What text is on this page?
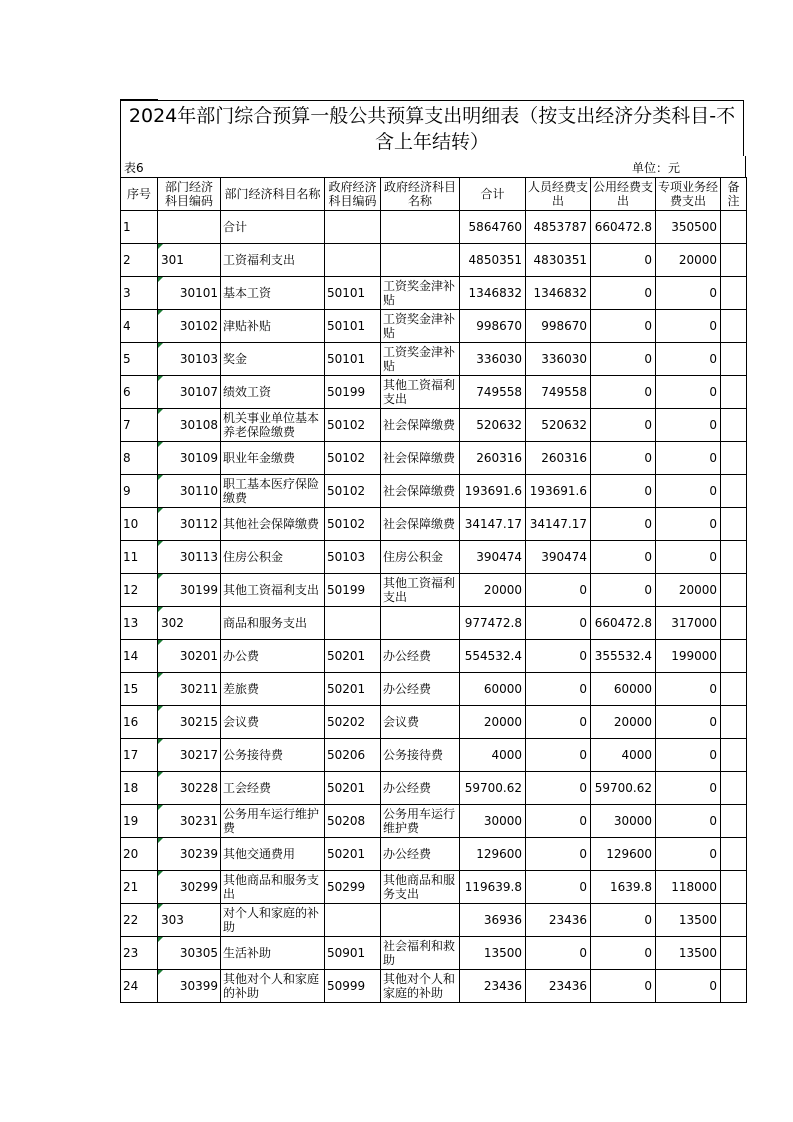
2024年部门综合预算一般公共预算支出明细表（按支出经济分类科目-不含上年结转）
表6	单位：元
序号	部门经济科目编码	部门经济科目名称	政府经济科目编码	政府经济科目名称	合计	人员经费支出	公用经费支出	专项业务经费支出	备注
1		合计			5864760	4853787	660472.8	350500	
2	301	工资福利支出			4850351	4830351	0	20000	
3	30101	基本工资	50101	工资奖金津补贴	1346832	1346832	0	0	
4	30102	津贴补贴	50101	工资奖金津补贴	998670	998670	0	0	
5	30103	奖金	50101	工资奖金津补贴	336030	336030	0	0	
6	30107	绩效工资	50199	其他工资福利支出	749558	749558	0	0	
7	30108	机关事业单位基本养老保险缴费	50102	社会保障缴费	520632	520632	0	0	
8	30109	职业年金缴费	50102	社会保障缴费	260316	260316	0	0	
9	30110	职工基本医疗保险缴费	50102	社会保障缴费	193691.6	193691.6	0	0	
10	30112	其他社会保障缴费	50102	社会保障缴费	34147.17	34147.17	0	0	
11	30113	住房公积金	50103	住房公积金	390474	390474	0	0	
12	30199	其他工资福利支出	50199	其他工资福利支出	20000	0	0	20000	
13	302	商品和服务支出			977472.8	0	660472.8	317000	
14	30201	办公费	50201	办公经费	554532.4	0	355532.4	199000	
15	30211	差旅费	50201	办公经费	60000	0	60000	0	
16	30215	会议费	50202	会议费	20000	0	20000	0	
17	30217	公务接待费	50206	公务接待费	4000	0	4000	0	
18	30228	工会经费	50201	办公经费	59700.62	0	59700.62	0	
19	30231	公务用车运行维护费	50208	公务用车运行维护费	30000	0	30000	0	
20	30239	其他交通费用	50201	办公经费	129600	0	129600	0	
21	30299	其他商品和服务支出	50299	其他商品和服务支出	119639.8	0	1639.8	118000	
22	303	对个人和家庭的补助			36936	23436	0	13500	
23	30305	生活补助	50901	社会福利和救助	13500	0	0	13500	
24	30399	其他对个人和家庭的补助	50999	其他对个人和家庭的补助	23436	23436	0	0	
